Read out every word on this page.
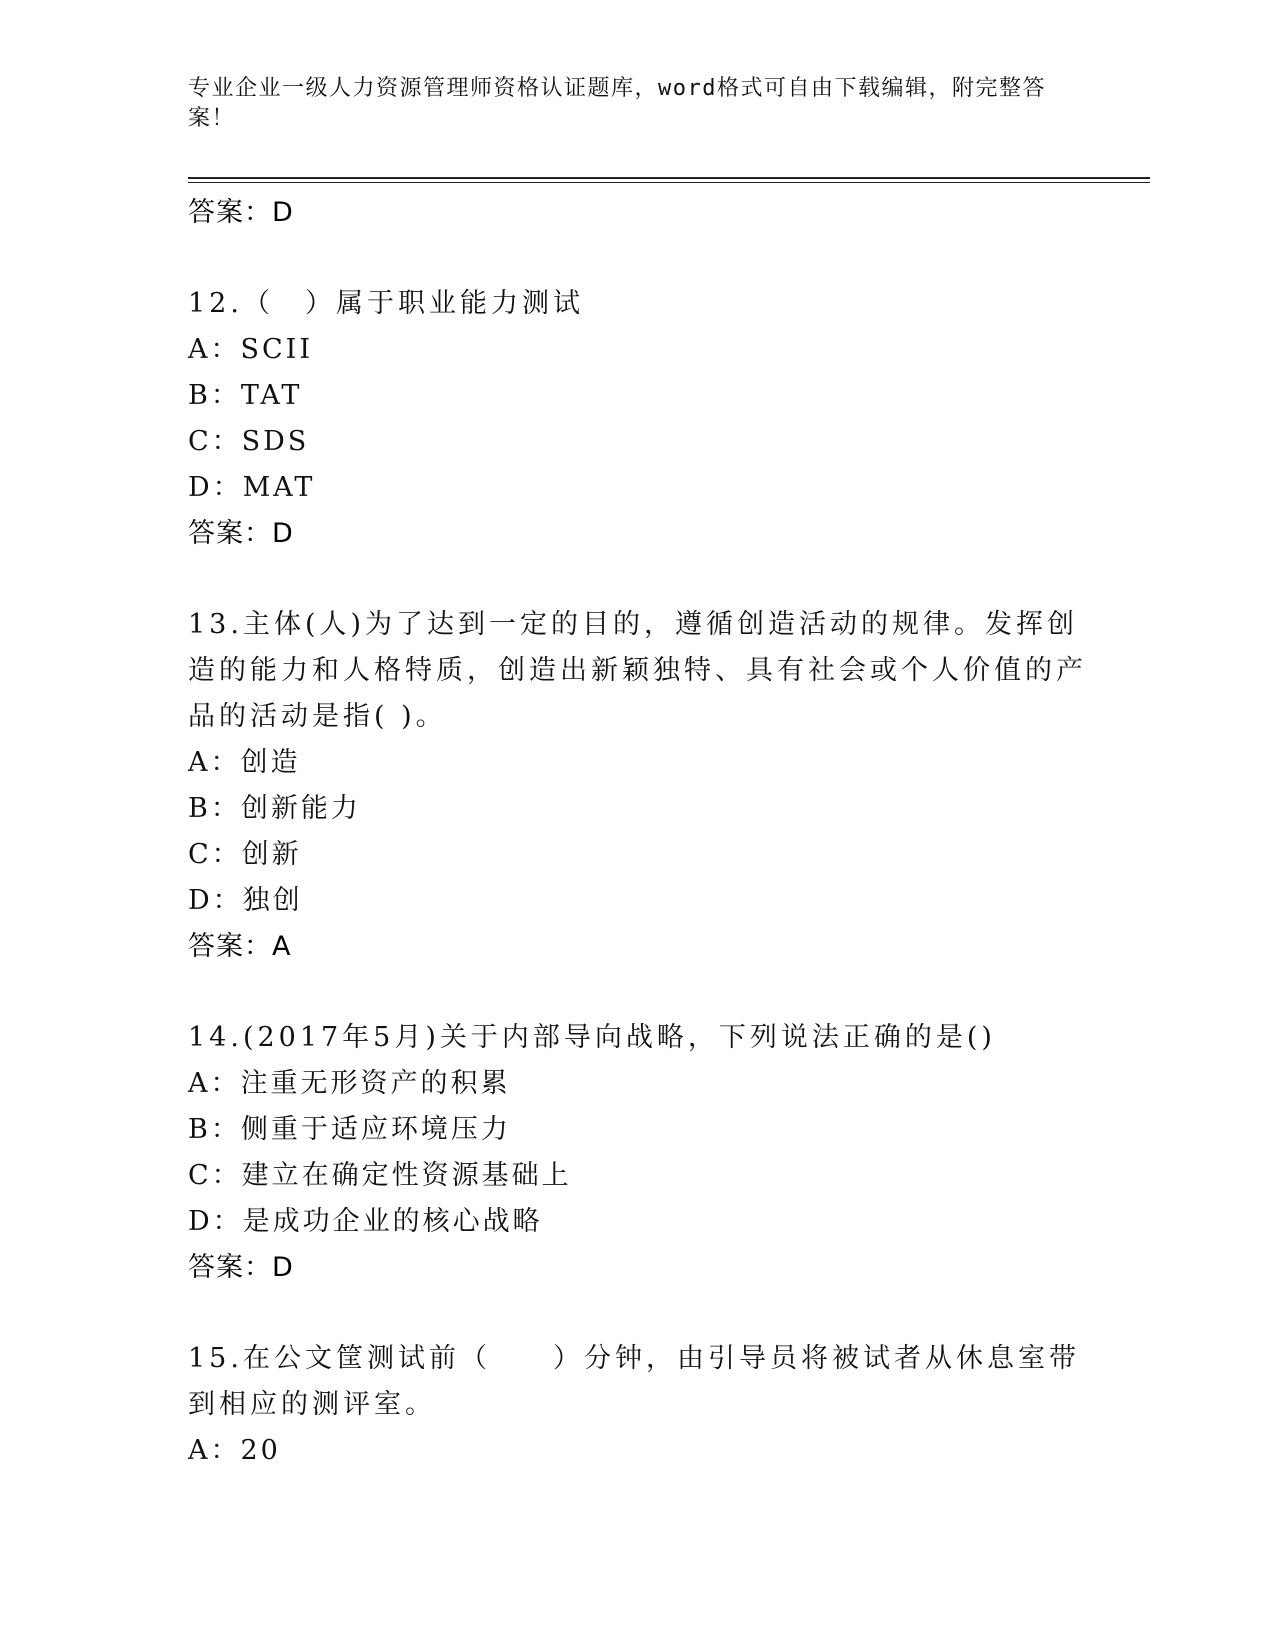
专业企业一级人力资源管理师资格认证题库，word格式可自由下载编辑，附完整答案！
答案：D
12.（　）属于职业能力测试
A：SCII
B：TAT
C：SDS
D：MAT
答案：D
13.主体(人)为了达到一定的目的，遵循创造活动的规律。发挥创造的能力和人格特质，创造出新颖独特、具有社会或个人价值的产品的活动是指( )。
A：创造
B：创新能力
C：创新
D：独创
答案：A
14.(2017年5月)关于内部导向战略，下列说法正确的是()
A：注重无形资产的积累
B：侧重于适应环境压力
C：建立在确定性资源基础上
D：是成功企业的核心战略
答案：D
15.在公文筐测试前（　　）分钟，由引导员将被试者从休息室带到相应的测评室。
A：20
